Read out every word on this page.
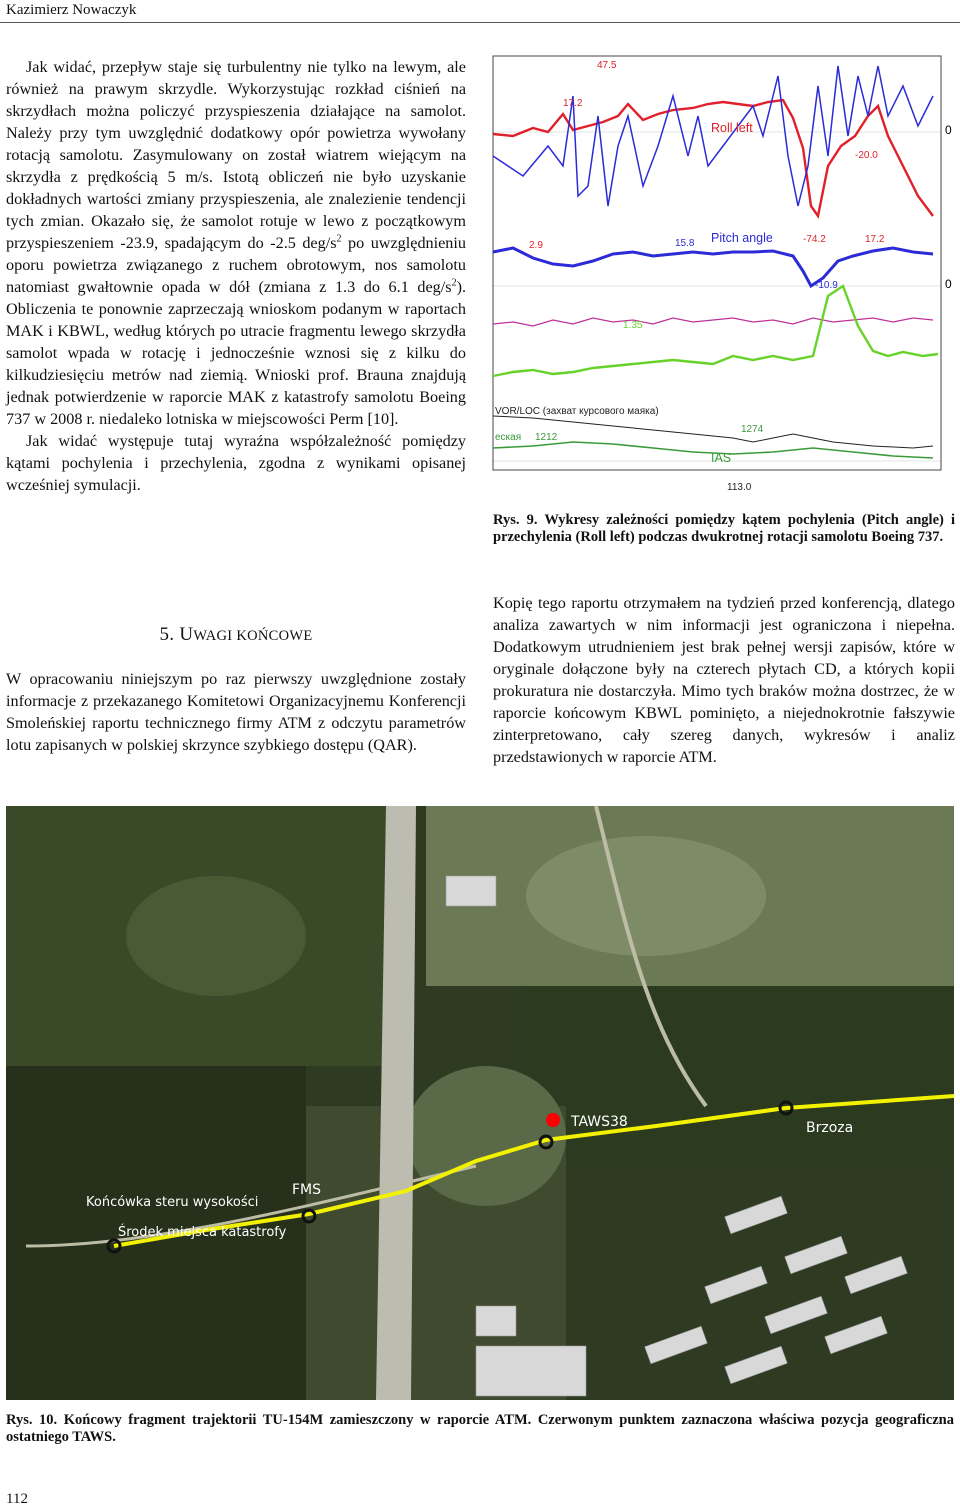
Kazimierz Nowaczyk

Jak widać, przepływ staje się turbulentny nie tylko na lewym, ale również na prawym skrzydle. Wykorzystując rozkład ciśnień na skrzydłach można policzyć przyspieszenia działające na samolot. Należy przy tym uwzględnić dodatkowy opór powietrza wywołany rotacją samolotu. Zasymulowany on został wiatrem wiejącym na skrzydła z prędkością 5 m/s. Istotą obliczeń nie było uzyskanie dokładnych wartości zmiany przyspieszenia, ale znalezienie tendencji tych zmian. Okazało się, że samolot rotuje w lewo z początkowym przyspieszeniem -23.9, spadającym do -2.5 deg/$s^2$ po uwzględnieniu oporu powietrza związanego z ruchem obrotowym, nos samolotu natomiast gwałtownie opada w dół (zmiana z 1.3 do 6.1 deg/$s^2$). Obliczenia te ponownie zaprzeczają wnioskom podanym w raportach MAK i KBWL, według których po utracie fragmentu lewego skrzydła samolot wpada w rotację i jednocześnie wznosi się z kilku do kilkudziesięciu metrów nad ziemią. Wnioski prof. Brauna znajdują jednak potwierdzenie w raporcie MAK z katastrofy samolotu Boeing 737 w 2008 r. niedaleko lotniska w miejscowości Perm [10].

Jak widać występuje tutaj wyraźna współzależność pomiędzy kątami pochylenia i przechylenia, zgodna z wynikami opisanej wcześniej symulacji.

5. UWAGI KOŃCOWE

W opracowaniu niniejszym po raz pierwszy uwzględnione zostały informacje z przekazanego Komitetowi Organizacyjnemu Konferencji Smoleńskiej raportu technicznego firmy ATM z odczytu parametrów lotu zapisanych w polskiej skrzynce szybkiego dostępu (QAR).

47.5
17.2
Roll left	0
-20.0
2.9	15.8 Pitch angle	-74.2	17.2
-10.9	0
1.35
VOR/LOC (захват курсового маяка)
еская 1212
1274
IAS
113.0
Rys. 9. Wykresy zależności pomiędzy kątem pochylenia (Pitch angle) i przechylenia (Roll left) podczas dwukrotnej rotacji samolotu Boeing 737.

Kopię tego raportu otrzymałem na tydzień przed konferencją, dlatego analiza zawartych w nim informacji jest ograniczona i niepełna. Dodatkowym utrudnieniem jest brak pełnej wersji zapisów, które w oryginale dołączone były na czterech płytach CD, a których kopii prokuratura nie dostarczyła. Mimo tych braków można dostrzec, że w raporcie końcowym KBWL pominięto, a niejednokrotnie fałszywie zinterpretowano, cały szereg danych, wykresów i analiz przedstawionych w raporcie ATM.

TAWS38	Brzoza
FMS
Końcówka steru wysokości
Środek miejsca katastrofy
Rys. 10. Końcowy fragment trajektorii TU-154M zamieszczony w raporcie ATM. Czerwonym punktem zaznaczona właściwa pozycja geograficzna ostatniego TAWS.
112
